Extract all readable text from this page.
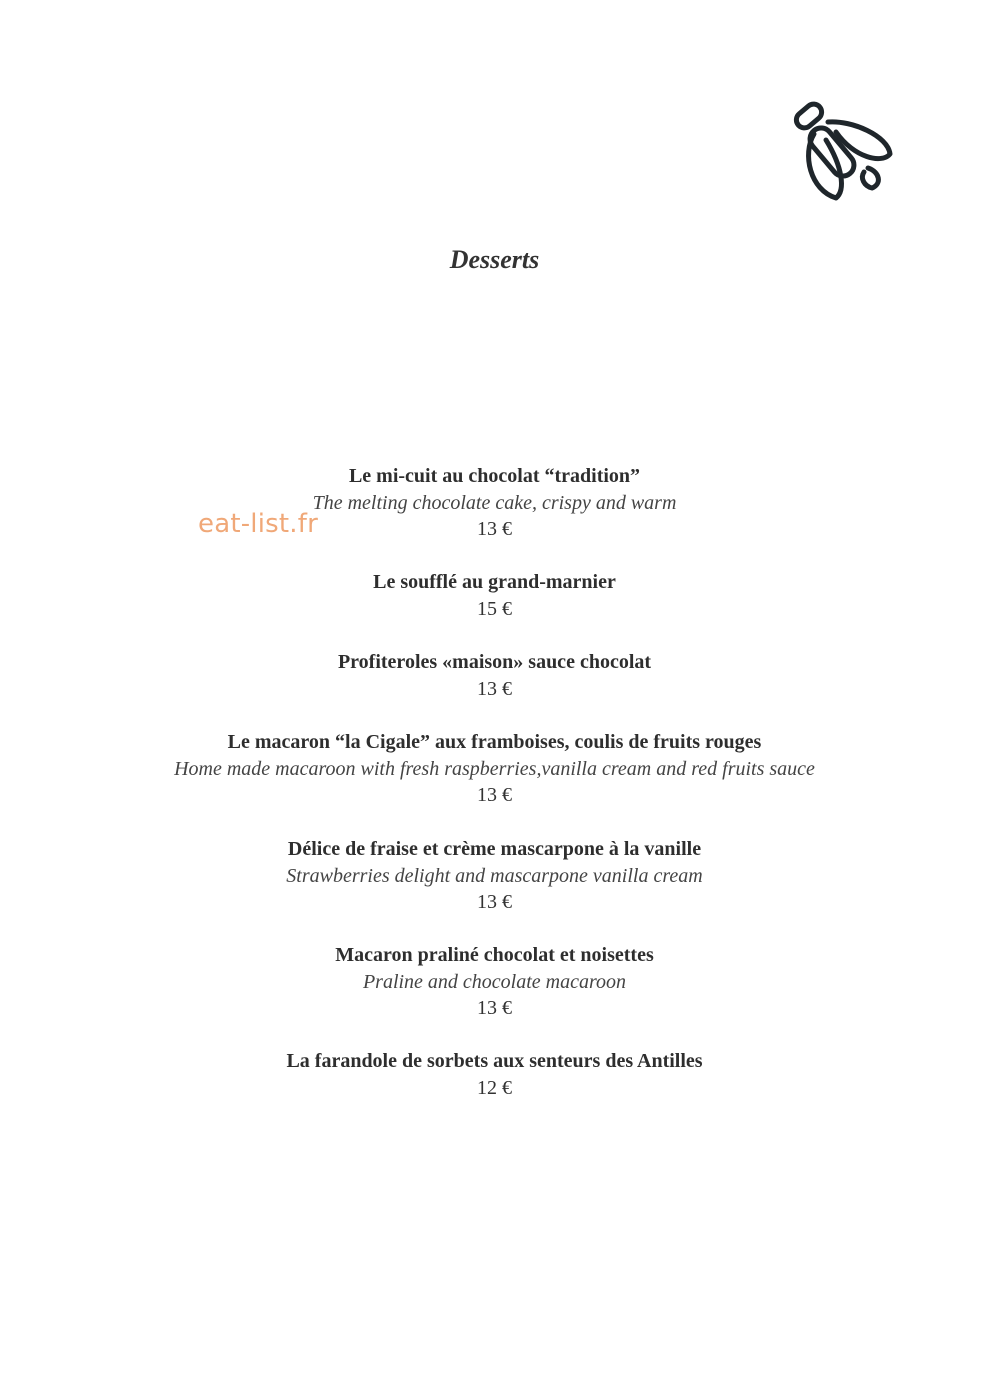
Desserts
eat-list.fr
Le mi-cuit au chocolat “tradition”
The melting chocolate cake, crispy and warm
13 €
Le soufflé au grand-marnier
15 €
Profiteroles «maison» sauce chocolat
13 €
Le macaron “la Cigale” aux framboises, coulis de fruits rouges
Home made macaroon with fresh raspberries,vanilla cream and red fruits sauce
13 €
Délice de fraise et crème mascarpone à la vanille
Strawberries delight and mascarpone vanilla cream
13 €
Macaron praliné chocolat et noisettes
Praline and chocolate macaroon
13 €
La farandole de sorbets aux senteurs des Antilles
12 €
